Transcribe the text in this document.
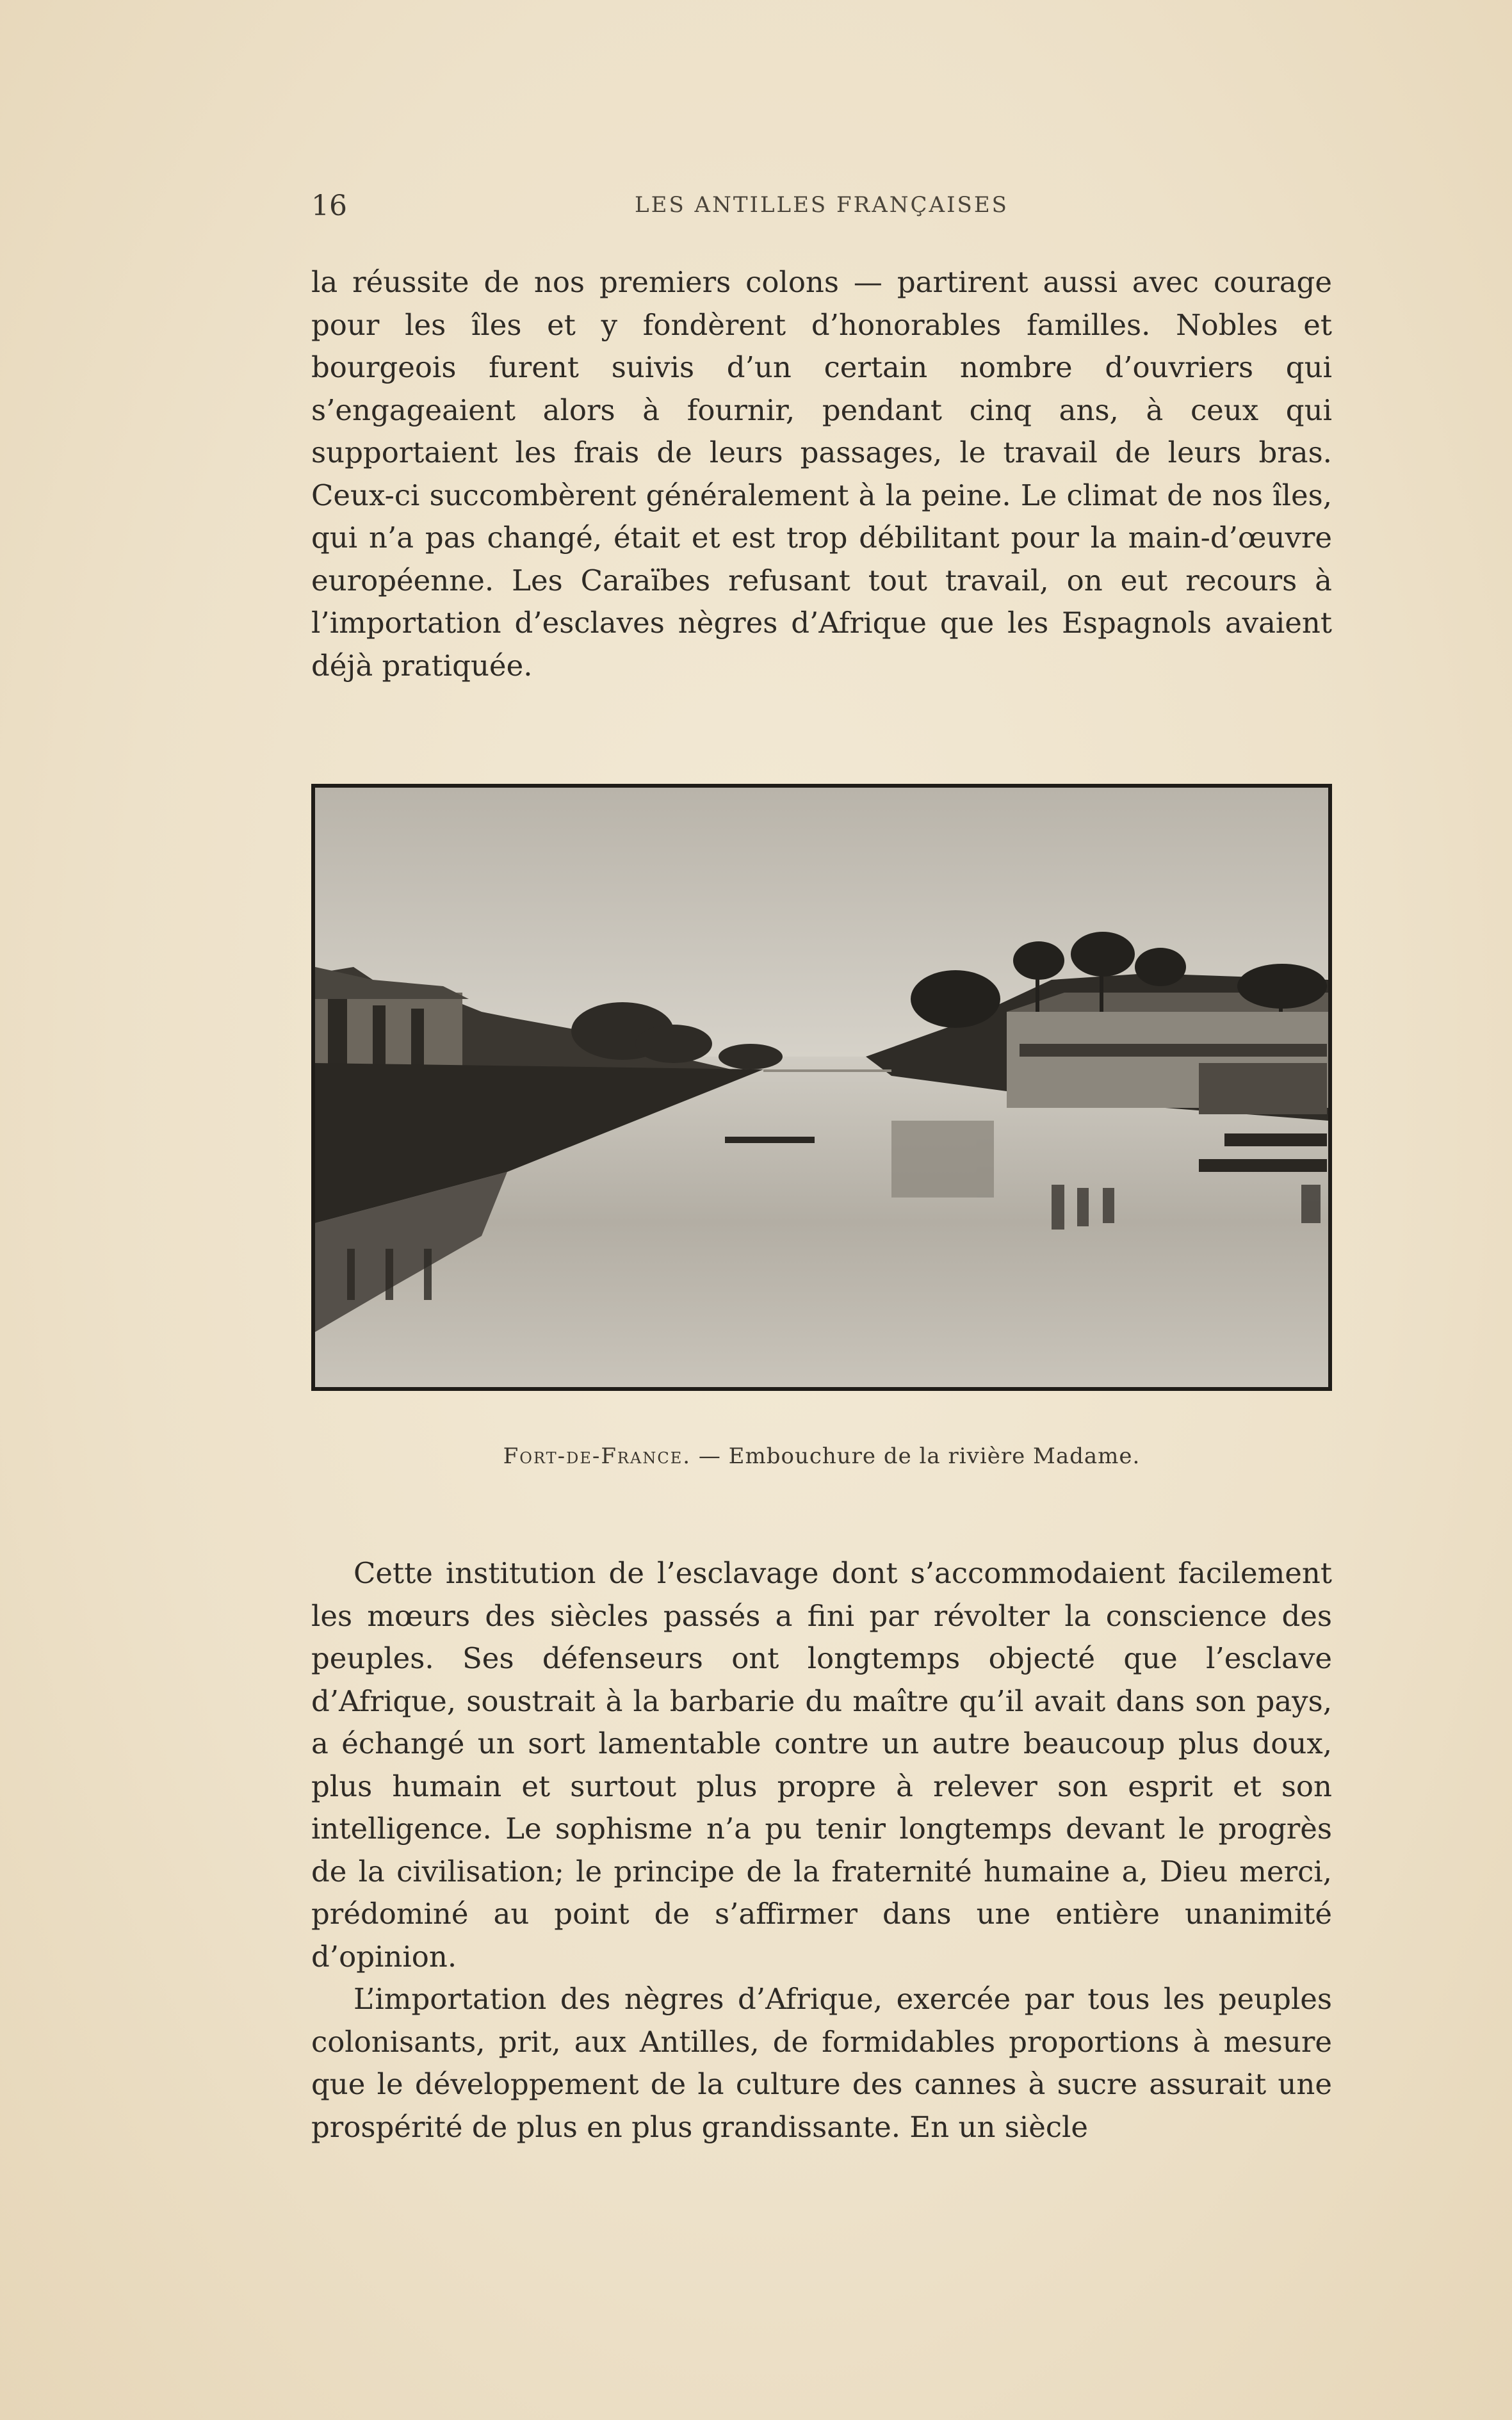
16	LES ANTILLES FRANÇAISES

la réussite de nos premiers colons — partirent aussi avec courage pour les îles et y fondèrent d’honorables familles. Nobles et bourgeois furent suivis d’un certain nombre d’ouvriers qui s’engageaient alors à fournir, pendant cinq ans, à ceux qui supportaient les frais de leurs passages, le travail de leurs bras. Ceux-ci succombèrent généralement à la peine. Le climat de nos îles, qui n’a pas changé, était et est trop débilitant pour la main-d’œuvre européenne. Les Caraïbes refusant tout travail, on eut recours à l’importation d’esclaves nègres d’Afrique que les Espagnols avaient déjà pratiquée.

Fort-de-France. — Embouchure de la rivière Madame.

Cette institution de l’esclavage dont s’accommodaient facilement les mœurs des siècles passés a fini par révolter la conscience des peuples. Ses défenseurs ont longtemps objecté que l’esclave d’Afrique, soustrait à la barbarie du maître qu’il avait dans son pays, a échangé un sort lamentable contre un autre beaucoup plus doux, plus humain et surtout plus propre à relever son esprit et son intelligence. Le sophisme n’a pu tenir longtemps devant le progrès de la civilisation; le principe de la fraternité humaine a, Dieu merci, prédominé au point de s’affirmer dans une entière unanimité d’opinion.

L’importation des nègres d’Afrique, exercée par tous les peuples colonisants, prit, aux Antilles, de formidables proportions à mesure que le développement de la culture des cannes à sucre assurait une prospérité de plus en plus grandissante. En un siècle
